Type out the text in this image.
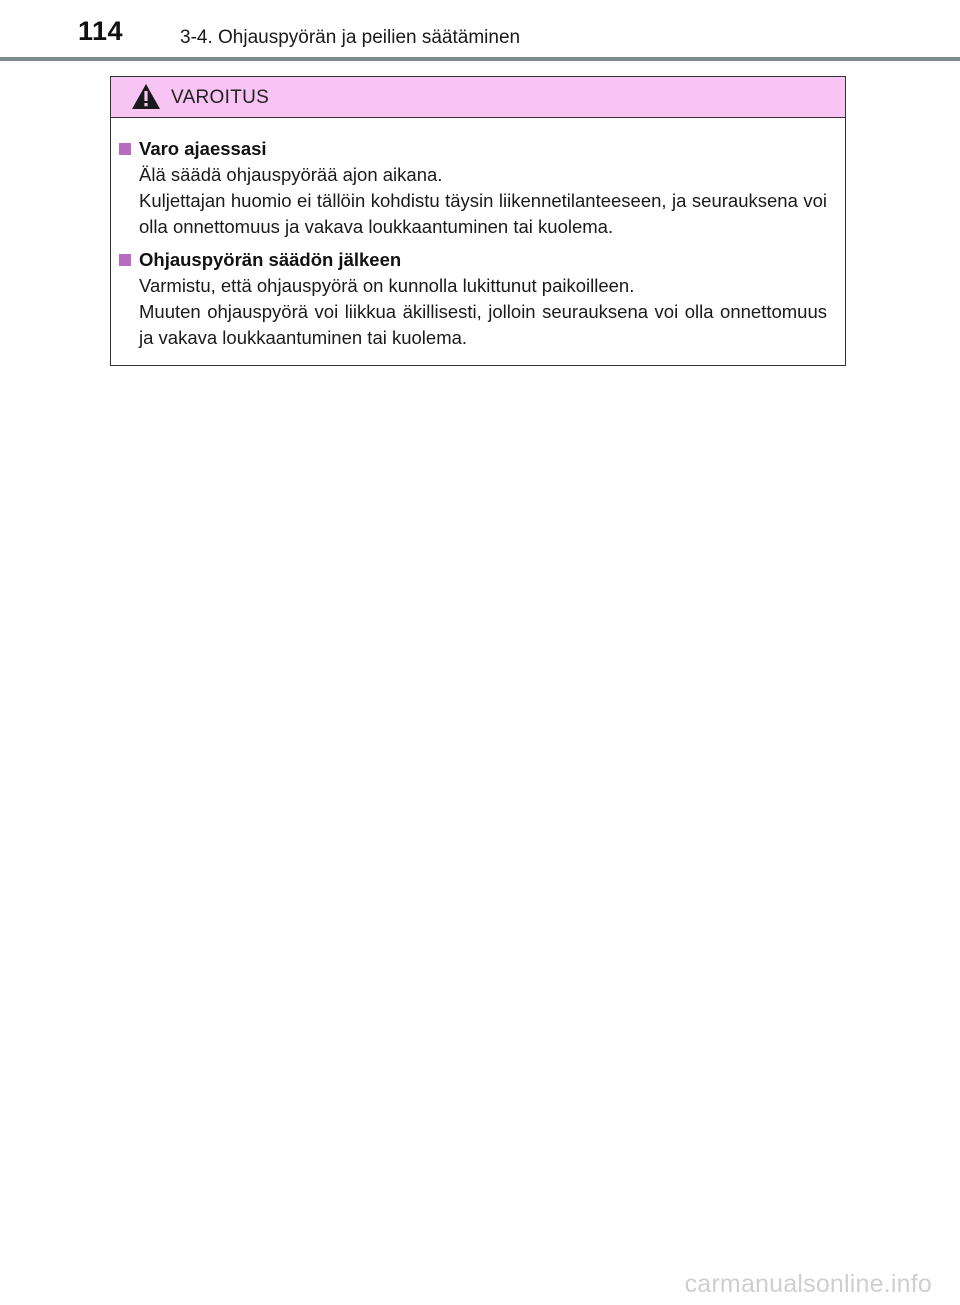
114	3-4. Ohjauspyörän ja peilien säätäminen
VAROITUS
Varo ajaessasi

Älä säädä ohjauspyörää ajon aikana.

Kuljettajan huomio ei tällöin kohdistu täysin liikennetilanteeseen, ja seurauksena voi olla onnettomuus ja vakava loukkaantuminen tai kuolema.

Ohjauspyörän säädön jälkeen

Varmistu, että ohjauspyörä on kunnolla lukittunut paikoilleen.

Muuten ohjauspyörä voi liikkua äkillisesti, jolloin seurauksena voi olla onnettomuus ja vakava loukkaantuminen tai kuolema.

carmanualsonline.info
